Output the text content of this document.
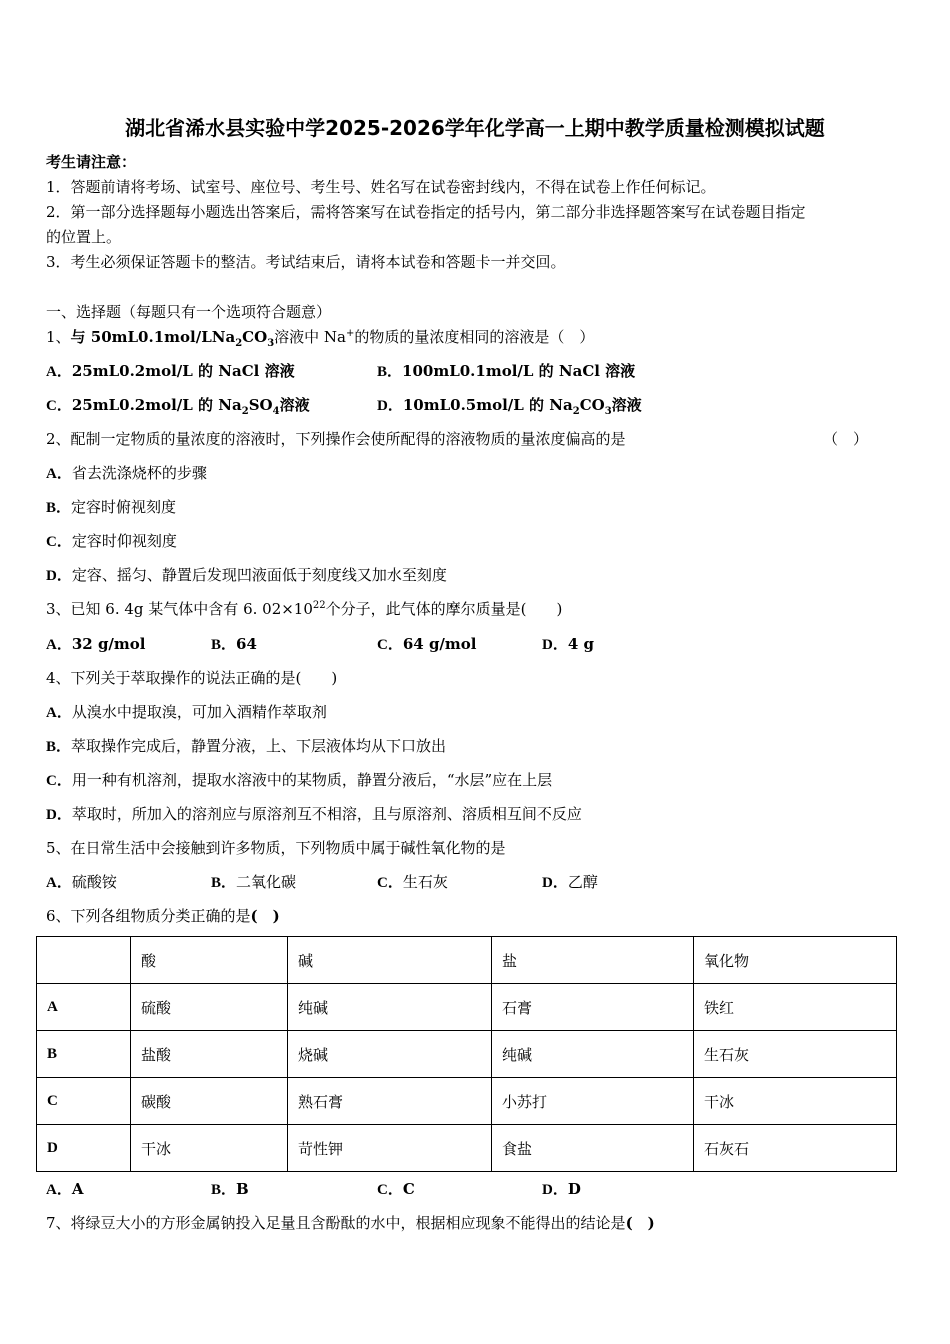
湖北省浠水县实验中学2025-2026学年化学高一上期中教学质量检测模拟试题
考生请注意：
1．答题前请将考场、试室号、座位号、考生号、姓名写在试卷密封线内，不得在试卷上作任何标记。
2．第一部分选择题每小题选出答案后，需将答案写在试卷指定的括号内，第二部分非选择题答案写在试卷题目指定
的位置上。
3．考生必须保证答题卡的整洁。考试结束后，请将本试卷和答题卡一并交回。
一、选择题（每题只有一个选项符合题意）
1、与 $50mL0.1mol/LNa_2CO_3$溶液中 Na+的物质的量浓度相同的溶液是（　）
A．25mL0.2mol/L 的 NaCl 溶液	B．100mL0.1mol/L 的 NaCl 溶液
C．25mL0.2mol/L 的 $Na_2SO_4$溶液	D．10mL0.5mol/L 的 $Na_2CO_3$溶液
2、配制一定物质的量浓度的溶液时，下列操作会使所配得的溶液物质的量浓度偏高的是	（　）
A．省去洗涤烧杯的步骤
B．定容时俯视刻度
C．定容时仰视刻度
D．定容、摇匀、静置后发现凹液面低于刻度线又加水至刻度
3、已知 6. 4g 某气体中含有 6. $02\times 10^{22}$个分子，此气体的摩尔质量是(　　)
A．32 g/mol	B．64	C．64 g/mol	D．4 g
4、下列关于萃取操作的说法正确的是(　　)
A．从溴水中提取溴，可加入酒精作萃取剂
B．萃取操作完成后，静置分液，上、下层液体均从下口放出
C．用一种有机溶剂，提取水溶液中的某物质，静置分液后，“水层”应在上层
D．萃取时，所加入的溶剂应与原溶剂互不相溶，且与原溶剂、溶质相互间不反应
5、在日常生活中会接触到许多物质，下列物质中属于碱性氧化物的是
A．硫酸铵	B．二氧化碳	C．生石灰	D．乙醇
6、下列各组物质分类正确的是(　)
	酸	碱	盐	氧化物
A	硫酸	纯碱	石膏	铁红
B	盐酸	烧碱	纯碱	生石灰
C	碳酸	熟石膏	小苏打	干冰
D	干冰	苛性钾	食盐	石灰石
A．A	B．B	C．C	D．D
7、将绿豆大小的方形金属钠投入足量且含酚酞的水中，根据相应现象不能得出的结论是(　)
